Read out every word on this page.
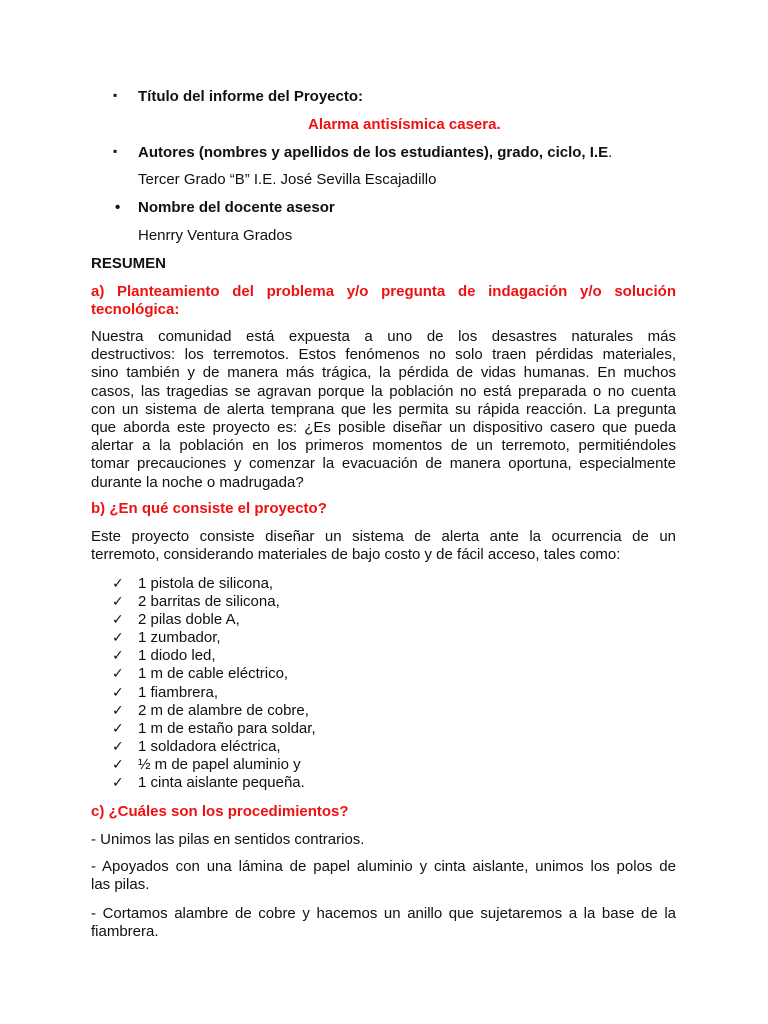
▪ Título del informe del Proyecto:
Alarma antisísmica casera.
▪ Autores (nombres y apellidos de los estudiantes), grado, ciclo, I.E.
Tercer Grado “B” I.E. José Sevilla Escajadillo
• Nombre del docente asesor
Henrry Ventura Grados
RESUMEN
a) Planteamiento del problema y/o pregunta de indagación y/o solución
tecnológica:
Nuestra comunidad está expuesta a uno de los desastres naturales más
destructivos: los terremotos. Estos fenómenos no solo traen pérdidas materiales,
sino también y de manera más trágica, la pérdida de vidas humanas. En muchos
casos, las tragedias se agravan porque la población no está preparada o no cuenta
con un sistema de alerta temprana que les permita su rápida reacción. La pregunta
que aborda este proyecto es: ¿Es posible diseñar un dispositivo casero que pueda
alertar a la población en los primeros momentos de un terremoto, permitiéndoles
tomar precauciones y comenzar la evacuación de manera oportuna, especialmente
durante la noche o madrugada?
b) ¿En qué consiste el proyecto?
Este proyecto consiste diseñar un sistema de alerta ante la ocurrencia de un
terremoto, considerando materiales de bajo costo y de fácil acceso, tales como:
✓ 1 pistola de silicona,
✓ 2 barritas de silicona,
✓ 2 pilas doble A,
✓ 1 zumbador,
✓ 1 diodo led,
✓ 1 m de cable eléctrico,
✓ 1 fiambrera,
✓ 2 m de alambre de cobre,
✓ 1 m de estaño para soldar,
✓ 1 soldadora eléctrica,
✓ ½ m de papel aluminio y
✓ 1 cinta aislante pequeña.
c) ¿Cuáles son los procedimientos?
- Unimos las pilas en sentidos contrarios.
- Apoyados con una lámina de papel aluminio y cinta aislante, unimos los polos de
las pilas.
- Cortamos alambre de cobre y hacemos un anillo que sujetaremos a la base de la
fiambrera.
